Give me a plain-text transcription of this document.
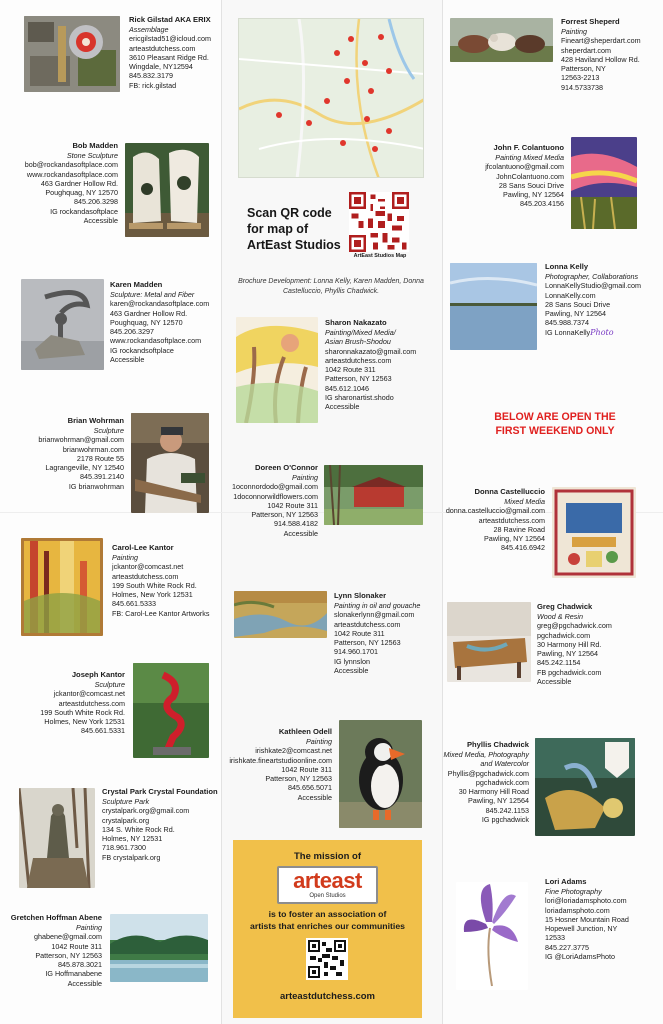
Rick Gilstad AKA ERIX
Assemblage
ericgilstad51@icloud.com
arteastdutchess.com
3610 Pleasant Ridge Rd.
Wingdale, NY12594
845.832.3179
FB: rick.gilstad
Bob Madden
Stone Sculpture
bob@rockandasoftplace.com
www.rockandasoftplace.com
463 Gardner Hollow Rd.
Poughquag, NY 12570
845.206.3298
IG rockandasoftplace
Accessible
Karen Madden
Sculpture: Metal and Fiber
karen@rockandasoftplace.com
463 Gardner Hollow Rd.
Poughquag, NY 12570
845.206.3297
www.rockandasoftplace.com
IG rockandsoftplace
Accessible
Brian Wohrman
Sculpture
brianwohrman@gmail.com
brianwohrman.com
2178 Route 55
Lagrangeville, NY 12540
845.391.2140
IG brianwohrman
Carol-Lee Kantor
Painting
jckantor@comcast.net
arteastdutchess.com
199 South White Rock Rd.
Holmes, New York 12531
845.661.5333
FB: Carol-Lee Kantor Artworks
Joseph Kantor
Sculpture
jckantor@comcast.net
arteastdutchess.com
199 South White Rock Rd.
Holmes, New York 12531
845.661.5331
Crystal Park Crystal Foundation
Sculpture Park
crystalpark.org@gmail.com
crystalpark.org
134 S. White Rock Rd.
Holmes, NY 12531
718.961.7300
FB crystalpark.org
Gretchen Hoffman Abene
Painting
ghabene@gmail.com
1042 Route 311
Patterson, NY 12563
845.878.3021
IG Hoffmanabene
Accessible
Scan QR code for map of ArtEast Studios
ArtEast Studios Map
Brochure Development: Lonna Kelly, Karen Madden, Donna Castelluccio, Phyllis Chadwick.
Sharon Nakazato
Painting/Mixed Media/
Asian Brush-Shodou
sharonnakazato@gmail.com
arteastdutchess.com
1042 Route 311
Patterson, NY 12563
845.612.1046
IG sharonartist.shodo
Accessible
Doreen O'Connor
Painting
1oconnordodo@gmail.com
1doconnorwildflowers.com
1042 Route 311
Patterson, NY 12563
914.588.4182
Accessible
Lynn Slonaker
Painting in oil and gouache
slonakerlynn@gmail.com
arteastdutchess.com
1042 Route 311
Patterson, NY 12563
914.960.1701
IG lynnslon
Accessible
Kathleen Odell
Painting
irishkate2@comcast.net
irishkate.fineartstudioonline.com
1042 Route 311
Patterson, NY 12563
845.656.5071
Accessible
The mission of
arteast
Open Studios
is to foster an association of
artists that enriches our communities
arteastdutchess.com
Forrest Sheperd
Painting
Fineart@sheperdart.com
sheperdart.com
428 Haviland Hollow Rd.
Patterson, NY
12563-2213
914.5733738
John F. Colantuono
Painting Mixed Media
jfcolantuono@gmail.com
JohnColantuono.com
28 Sans Souci Drive
Pawling, NY 12564
845.203.4156
Lonna Kelly
Photographer, Collaborations
LonnaKellyStudio@gmail.com
LonnaKelly.com
28 Sans Souci Drive
Pawling, NY 12564
845.988.7374
IG LonnaKellyPhoto
BELOW ARE OPEN THE
FIRST WEEKEND ONLY
Donna Castelluccio
Mixed Media
donna.castelluccio@gmail.com
arteastdutchess.com
28 Ravine Road
Pawling, NY 12564
845.416.6942
Greg Chadwick
Wood & Resin
greg@pgchadwick.com
pgchadwick.com
30 Harmony Hill Rd.
Pawling, NY 12564
845.242.1154
FB pgchadwick.com
Accessible
Phyllis Chadwick
Mixed Media, Photography
and Watercolor
Phyllis@pgchadwick.com
pgchadwick.com
30 Harmony Hill Road
Pawling, NY 12564
845.242.1153
IG pgchadwick
Lori Adams
Fine Photography
lori@loriadamsphoto.com
loriadamsphoto.com
15 Hosner Mountain Road
Hopewell Junction, NY
12533
845.227.3775
IG @LoriAdamsPhoto
